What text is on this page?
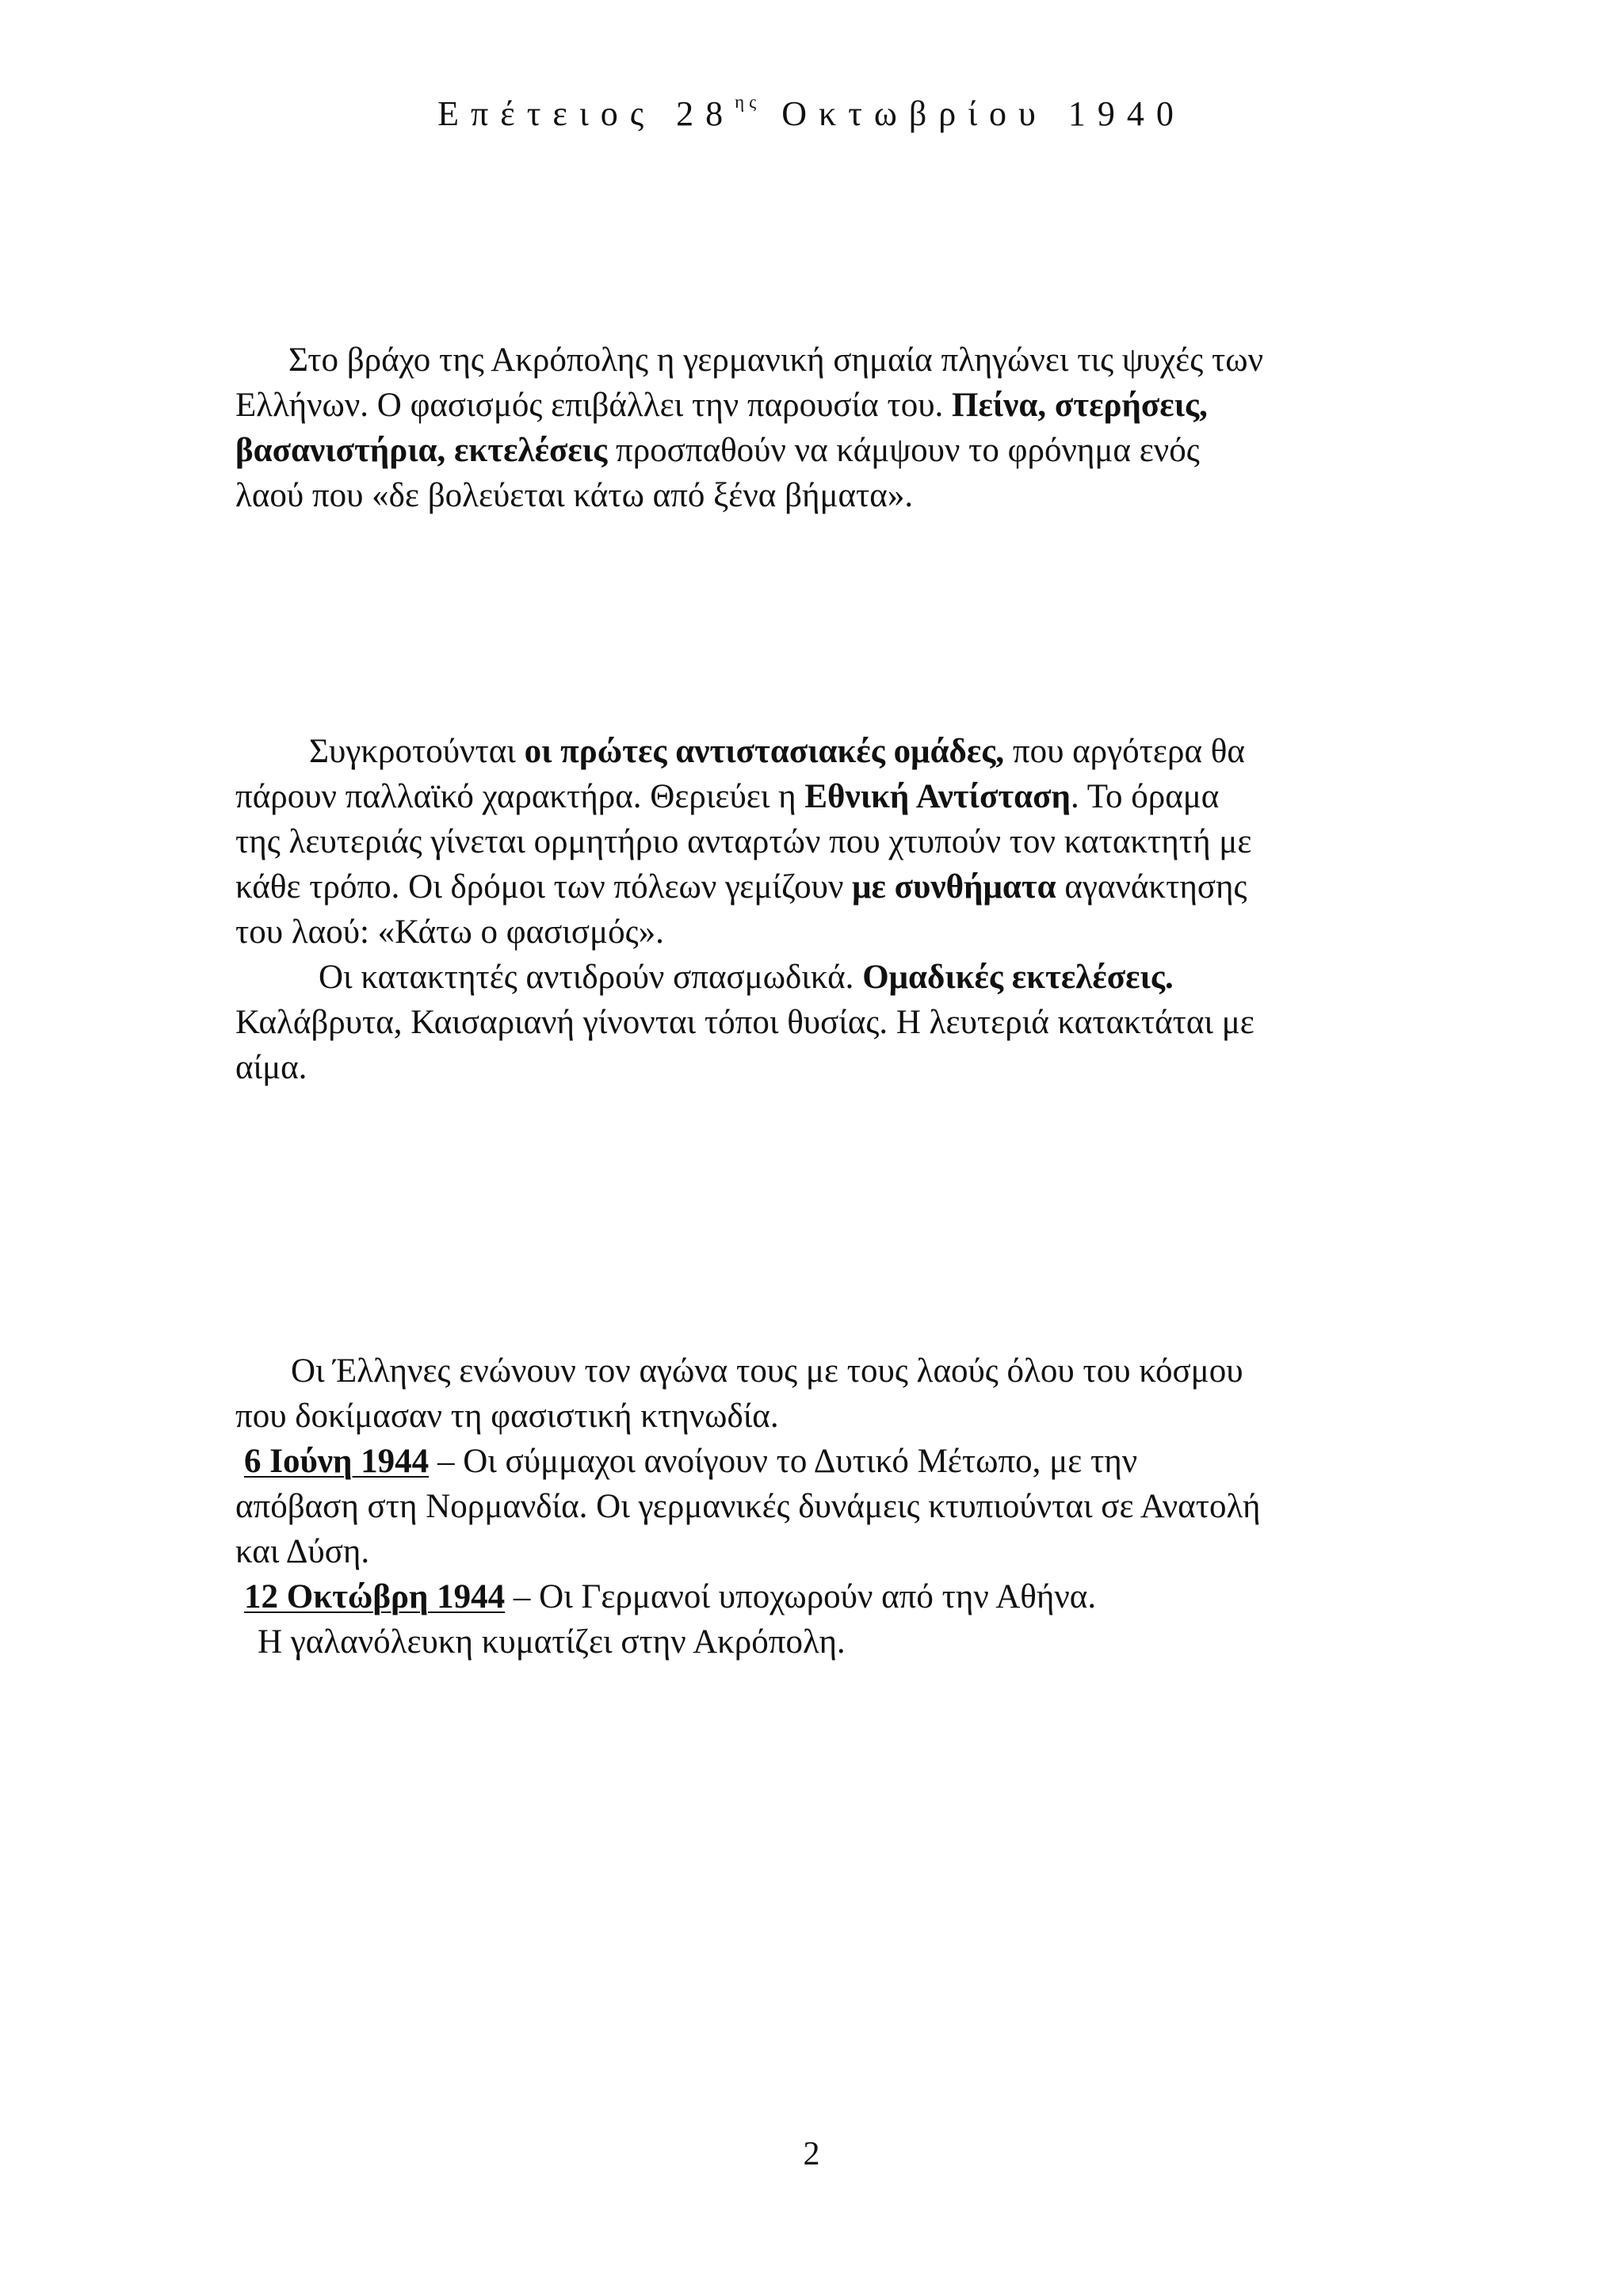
Επέτειος $28^{\eta\varsigma}$ Οκτωβρίου 1940
Στο βράχο της Ακρόπολης η γερμανική σημαία πληγώνει τις ψυχές των
Ελλήνων. Ο φασισμός επιβάλλει την παρουσία του. Πείνα, στερήσεις,
βασανιστήρια, εκτελέσεις προσπαθούν να κάμψουν το φρόνημα ενός
λαού που «δε βολεύεται κάτω από ξένα βήματα».
Συγκροτούνται οι πρώτες αντιστασιακές ομάδες, που αργότερα θα
πάρουν παλλαϊκό χαρακτήρα. Θεριεύει η Εθνική Αντίσταση. Το όραμα
της λευτεριάς γίνεται ορμητήριο ανταρτών που χτυπούν τον κατακτητή με
κάθε τρόπο. Οι δρόμοι των πόλεων γεμίζουν με συνθήματα αγανάκτησης
του λαού: «Κάτω ο φασισμός».
Οι κατακτητές αντιδρούν σπασμωδικά. Ομαδικές εκτελέσεις.
Καλάβρυτα, Καισαριανή γίνονται τόποι θυσίας. Η λευτεριά κατακτάται με
αίμα.
Οι Έλληνες ενώνουν τον αγώνα τους με τους λαούς όλου του κόσμου
που δοκίμασαν τη φασιστική κτηνωδία.
6 Ιούνη 1944 – Οι σύμμαχοι ανοίγουν το Δυτικό Μέτωπο, με την
απόβαση στη Νορμανδία. Οι γερμανικές δυνάμεις κτυπιούνται σε Ανατολή
και Δύση.
12 Οκτώβρη 1944 – Οι Γερμανοί υποχωρούν από την Αθήνα.
Η γαλανόλευκη κυματίζει στην Ακρόπολη.
2
